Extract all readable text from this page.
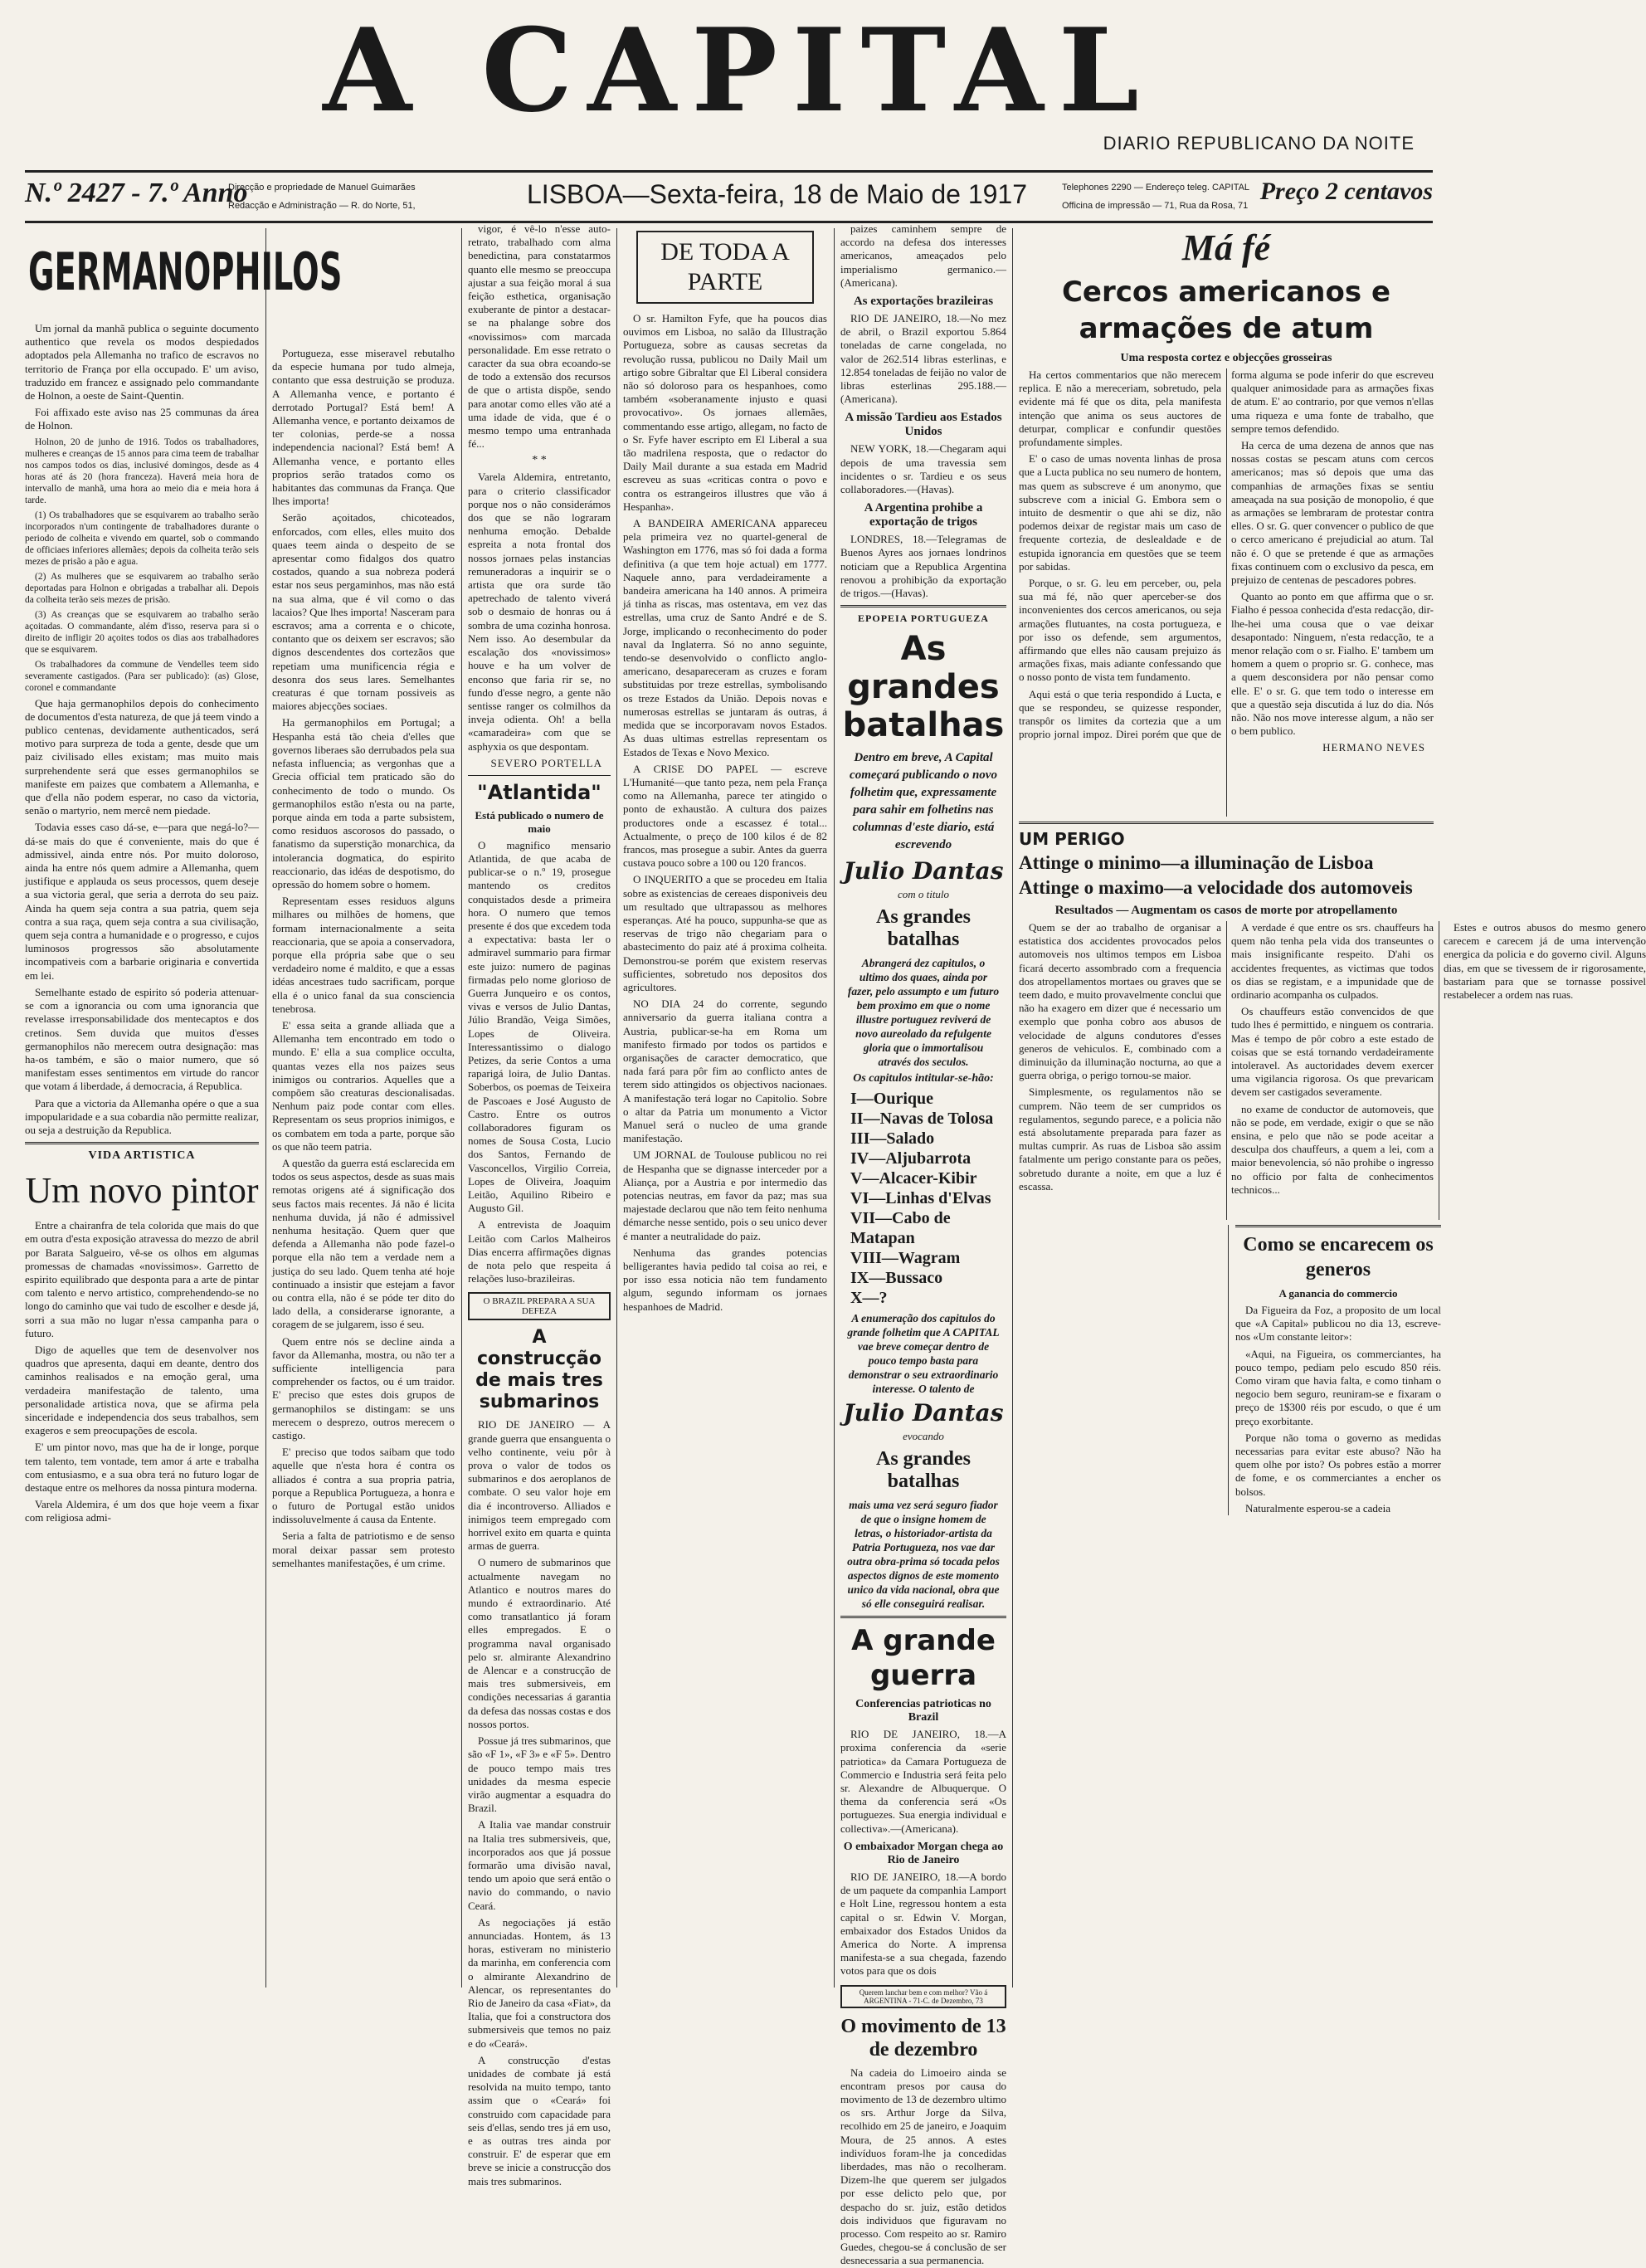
A CAPITAL
DIARIO REPUBLICANO DA NOITE
N.º 2427 - 7.º Anno
Direcção e propriedade de Manuel Guimarães
Redacção e Administração — R. do Norte, 51,	LISBOA—Sexta-feira, 18 de Maio de 1917	Telephones 2290 — Endereço teleg. CAPITAL
Officina de impressão — 71, Rua da Rosa, 71
Preço 2 centavos
GERMANOPHILOS

Um jornal da manhã publica o seguinte documento authentico que revela os modos despiedados adoptados pela Allemanha no trafico de escravos no territorio de França por ella occupado. E' um aviso, traduzido em francez e assignado pelo commandante de Holnon, a oeste de Saint-Quentin.

Foi affixado este aviso nas 25 communas da área de Holnon.

Holnon, 20 de junho de 1916. Todos os trabalhadores, mulheres e creanças de 15 annos para cima teem de trabalhar nos campos todos os dias, inclusivé domingos, desde as 4 horas até ás 20 (hora franceza). Haverá meia hora de intervallo de manhã, uma hora ao meio dia e meia hora á tarde.

(1) Os trabalhadores que se esquivarem ao trabalho serão incorporados n'um contingente de trabalhadores durante o periodo de colheita e vivendo em quartel, sob o commando de officiaes inferiores allemães; depois da colheita terão seis mezes de prisão a pão e agua.

(2) As mulheres que se esquivarem ao trabalho serão deportadas para Holnon e obrigadas a trabalhar ali. Depois da colheita terão seis mezes de prisão.

(3) As creanças que se esquivarem ao trabalho serão açoitadas. O commandante, além d'isso, reserva para si o direito de infligir 20 açoites todos os dias aos trabalhadores que se esquivarem.

Os trabalhadores da commune de Vendelles teem sido severamente castigados. (Para ser publicado): (as) Glose, coronel e commandante

Que haja germanophilos depois do conhecimento de documentos d'esta natureza, de que já teem vindo a publico centenas, devidamente authenticados, será motivo para surpreza de toda a gente, desde que um paiz civilisado elles existam; mas muito mais surprehendente será que esses germanophilos se manifeste em paizes que combatem a Allemanha, e que d'ella não podem esperar, no caso da victoria, senão o martyrio, nem mercê nem piedade.

Todavia esses caso dá-se, e—para que negá-lo?—dá-se mais do que é conveniente, mais do que é admissivel, ainda entre nós. Por muito doloroso, ainda ha entre nós quem admire a Allemanha, quem justifique e applauda os seus processos, quem deseje a sua victoria geral, que seria a derrota do seu paiz. Ainda ha quem seja contra a sua patria, quem seja contra a sua raça, quem seja contra a sua civilisação, quem seja contra a humanidade e o progresso, e cujos luminosos progressos são absolutamente incompativeis com a barbarie originaria e convertida em lei.

Semelhante estado de espirito só poderia attenuar-se com a ignorancia ou com uma ignorancia que revelasse irresponsabilidade dos mentecaptos e dos cretinos. Sem duvida que muitos d'esses germanophilos não merecem outra designação: mas ha-os também, e são o maior numero, que só manifestam esses sentimentos em virtude do rancor que votam á liberdade, á democracia, á Republica.

Para que a victoria da Allemanha opére o que a sua impopularidade e a sua cobardia não permitte realizar, ou seja a destruição da Republica.

VIDA ARTISTICA
Um novo pintor

Entre a chairanfra de tela colorida que mais do que em outra d'esta exposição atravessa do mezzo de abril por Barata Salgueiro, vê-se os olhos em algumas promessas de chamadas «novissimos». Garretto de espirito equilibrado que desponta para a arte de pintar com talento e nervo artistico, comprehendendo-se no longo do caminho que vai tudo de escolher e desde já, sorri a sua mão no lugar n'essa campanha para o futuro.

Digo de aquelles que tem de desenvolver nos quadros que apresenta, daqui em deante, dentro dos caminhos realisados e na emoção geral, uma verdadeira manifestação de talento, uma personalidade artistica nova, que se afirma pela sinceridade e independencia dos seus trabalhos, sem exageros e sem preocupações de escola.

E' um pintor novo, mas que ha de ir longe, porque tem talento, tem vontade, tem amor á arte e trabalha com entusiasmo, e a sua obra terá no futuro logar de destaque entre os melhores da nossa pintura moderna.

Varela Aldemira, é um dos que hoje veem a fixar com religiosa admi-

Portugueza, esse miseravel rebutalho da especie humana por tudo almeja, contanto que essa destruição se produza. A Allemanha vence, e portanto é derrotado Portugal? Está bem! A Allemanha vence, e portanto deixamos de ter colonias, perde-se a nossa independencia nacional? Está bem! A Allemanha vence, e portanto elles proprios serão tratados como os habitantes das communas da França. Que lhes importa!

Serão açoitados, chicoteados, enforcados, com elles, elles muito dos quaes teem ainda o despeito de se apresentar como fidalgos dos quatro costados, quando a sua nobreza poderá estar nos seus pergaminhos, mas não está na sua alma, que é vil como o das lacaios? Que lhes importa! Nasceram para escravos; ama a correnta e o chicote, contanto que os deixem ser escravos; são dignos descendentes dos cortezãos que repetiam uma munificencia régia e desonra dos seus lares. Semelhantes creaturas é que tornam possiveis as maiores abjecções sociaes.

Ha germanophilos em Portugal; a Hespanha está tão cheia d'elles que governos liberaes são derrubados pela sua nefasta influencia; as vergonhas que a Grecia official tem praticado são do conhecimento de todo o mundo. Os germanophilos estão n'esta ou na parte, porque ainda em toda a parte subsistem, como residuos ascorosos do passado, o fanatismo da superstição monarchica, da intolerancia dogmatica, do espirito reaccionario, das idéas de despotismo, do opressão do homem sobre o homem.

Representam esses residuos alguns milhares ou milhões de homens, que formam internacionalmente a seita reaccionaria, que se apoia a conservadora, porque ella própria sabe que o seu verdadeiro nome é maldito, e que a essas idéas ancestraes tudo sacrificam, porque ella é o unico fanal da sua consciencia tenebrosa.

E' essa seita a grande alliada que a Allemanha tem encontrado em todo o mundo. E' ella a sua complice occulta, quantas vezes ella nos paizes seus inimigos ou contrarios. Aquelles que a compõem são creaturas descionalisadas. Nenhum paiz pode contar com elles. Representam os seus proprios inimigos, e os combatem em toda a parte, porque são os que não teem patria.

A questão da guerra está esclarecida em todos os seus aspectos, desde as suas mais remotas origens até á significação dos seus factos mais recentes. Já não é licita nenhuma duvida, já não é admissivel nenhuma hesitação. Quem quer que defenda a Allemanha não pode fazel-o porque ella não tem a verdade nem a justiça do seu lado. Quem tenha até hoje continuado a insistir que estejam a favor ou contra ella, não é se póde ter dito do lado della, a considerarse ignorante, a coragem de se julgarem, isso é seu.

Quem entre nós se decline ainda a favor da Allemanha, mostra, ou não ter a sufficiente intelligencia para comprehender os factos, ou é um traidor. E' preciso que estes dois grupos de germanophilos se distingam: se uns merecem o desprezo, outros merecem o castigo.

E' preciso que todos saibam que todo aquelle que n'esta hora é contra os alliados é contra a sua propria patria, porque a Republica Portugueza, a honra e o futuro de Portugal estão unidos indissoluvelmente á causa da Entente.

Seria a falta de patriotismo e de senso moral deixar passar sem protesto semelhantes manifestações, é um crime.

vigor, é vê-lo n'esse auto-retrato, trabalhado com alma benedictina, para constatarmos quanto elle mesmo se preoccupa ajustar a sua feição moral á sua feição esthetica, organisação exuberante de pintor a destacar-se na phalange sobre dos «novissimos» com marcada personalidade. Em esse retrato o caracter da sua obra ecoando-se de todo a extensão dos recursos de que o artista dispõe, sendo para anotar como elles vão até a uma idade de vida, que é o mesmo tempo uma entranhada fé...

* *

Varela Aldemira, entretanto, para o criterio classificador porque nos o não considerámos dos que se não lograram nenhuma emoção. Debalde espreita a nota frontal dos nossos jornaes pelas instancias remuneradoras a inquirir se o artista que ora surde tão apetrechado de talento viverá sob o desmaio de honras ou á sombra de uma cozinha honrosa. Nem isso. Ao desembular da escalação dos «novissimos» houve e ha um volver de enconso que faria rir se, no fundo d'esse negro, a gente não sentisse ranger os colmilhos da inveja odienta. Oh! a bella «camaradeira» com que se asphyxia os que despontam.

SEVERO PORTELLA
"Atlantida"
Está publicado o numero de maio

O magnifico mensario Atlantida, de que acaba de publicar-se o n.º 19, prosegue mantendo os creditos conquistados desde a primeira hora. O numero que temos presente é dos que excedem toda a expectativa: basta ler o admiravel summario para firmar este juizo: numero de paginas firmadas pelo nome glorioso de Guerra Junqueiro e os contos, vivas e versos de Julio Dantas, Júlio Brandão, Veiga Simões, Lopes de Oliveira. Interessantissimo o dialogo Petizes, da serie Contos a uma raparigá loira, de Julio Dantas. Soberbos, os poemas de Teixeira de Pascoaes e José Augusto de Castro. Entre os outros collaboradores figuram os nomes de Sousa Costa, Lucio dos Santos, Fernando de Vasconcellos, Virgilio Correia, Lopes de Oliveira, Joaquim Leitão, Aquilino Ribeiro e Augusto Gil.

A entrevista de Joaquim Leitão com Carlos Malheiros Dias encerra affirmações dignas de nota pelo que respeita á relações luso-brazileiras.

O BRAZIL PREPARA A SUA DEFEZA
A construcção de mais tres submarinos

RIO DE JANEIRO — A grande guerra que ensanguenta o velho continente, veiu pôr à prova o valor de todos os submarinos e dos aeroplanos de combate. O seu valor hoje em dia é incontroverso. Alliados e inimigos teem empregado com horrivel exito em quarta e quinta armas de guerra.

O numero de submarinos que actualmente navegam no Atlantico e noutros mares do mundo é extraordinario. Até como transatlantico já foram elles empregados. E o programma naval organisado pelo sr. almirante Alexandrino de Alencar e a construcção de mais tres submersiveis, em condições necessarias á garantia da defesa das nossas costas e dos nossos portos.

Possue já tres submarinos, que são «F 1», «F 3» e «F 5». Dentro de pouco tempo mais tres unidades da mesma especie virão augmentar a esquadra do Brazil.

A Italia vae mandar construir na Italia tres submersiveis, que, incorporados aos que já possue formarão uma divisão naval, tendo um apoio que será então o navio do commando, o navio Ceará.

As negociações já estão annunciadas. Hontem, ás 13 horas, estiveram no ministerio da marinha, em conferencia com o almirante Alexandrino de Alencar, os representantes do Rio de Janeiro da casa «Fiat», da Italia, que foi a constructora dos submersiveis que temos no paiz e do «Ceará».

A construcção d'estas unidades de combate já está resolvida na muito tempo, tanto assim que o «Ceará» foi construido com capacidade para seis d'ellas, sendo tres já em uso, e as outras tres ainda por construir. E' de esperar que em breve se inicie a construcção dos mais tres submarinos.

DE TODA A PARTE

O sr. Hamilton Fyfe, que ha poucos dias ouvimos em Lisboa, no salão da Illustração Portugueza, sobre as causas secretas da revolução russa, publicou no Daily Mail um artigo sobre Gibraltar que El Liberal considera não só doloroso para os hespanhoes, como também «soberanamente injusto e quasi provocativo». Os jornaes allemães, commentando esse artigo, allegam, no facto de o Sr. Fyfe haver escripto em El Liberal a sua tão madrilena resposta, que o redactor do Daily Mail durante a sua estada em Madrid escreveu as suas «criticas contra o povo e contra os estrangeiros illustres que vão á Hespanha».

A BANDEIRA AMERICANA appareceu pela primeira vez no quartel-general de Washington em 1776, mas só foi dada a forma definitiva (a que tem hoje actual) em 1777. Naquele anno, para verdadeiramente a bandeira americana ha 140 annos. A primeira já tinha as riscas, mas ostentava, em vez das estrellas, uma cruz de Santo André e de S. Jorge, implicando o reconhecimento do poder naval da Inglaterra. Só no anno seguinte, tendo-se desenvolvido o conflicto anglo-americano, desapareceram as cruzes e foram substituidas por treze estrellas, symbolisando os treze Estados da União. Depois novas e numerosas estrellas se juntaram ás outras, á medida que se incorporavam novos Estados. As duas ultimas estrellas representam os Estados de Texas e Novo Mexico.

A CRISE DO PAPEL — escreve L'Humanité—que tanto peza, nem pela França como na Allemanha, parece ter atingido o ponto de exhaustão. A cultura dos paizes productores onde a escassez é total... Actualmente, o preço de 100 kilos é de 82 francos, mas prosegue a subir. Antes da guerra custava pouco sobre a 100 ou 120 francos.

O INQUERITO a que se procedeu em Italia sobre as existencias de cereaes disponiveis deu um resultado que ultrapassou as melhores esperanças. Até ha pouco, suppunha-se que as reservas de trigo não chegariam para o abastecimento do paiz até á proxima colheita. Demonstrou-se porém que existem reservas sufficientes, sobretudo nos depositos dos agricultores.

NO DIA 24 do corrente, segundo anniversario da guerra italiana contra a Austria, publicar-se-ha em Roma um manifesto firmado por todos os partidos e organisações de caracter democratico, que nada fará para pôr fim ao conflicto antes de terem sido attingidos os objectivos nacionaes. A manifestação terá logar no Capitolio. Sobre o altar da Patria um monumento a Victor Manuel será o nucleo de uma grande manifestação.

UM JORNAL de Toulouse publicou no rei de Hespanha que se dignasse interceder por a Aliança, por a Austria e por intermedio das potencias neutras, em favor da paz; mas sua majestade declarou que não tem feito nenhuma démarche nesse sentido, pois o seu unico dever é manter a neutralidade do paiz.

Nenhuma das grandes potencias belligerantes havia pedido tal coisa ao rei, e por isso essa noticia não tem fundamento algum, segundo informam os jornaes hespanhoes de Madrid.

paizes caminhem sempre de accordo na defesa dos interesses americanos, ameaçados pelo imperialismo germanico.—(Americana).

As exportações brazileiras

RIO DE JANEIRO, 18.—No mez de abril, o Brazil exportou 5.864 toneladas de carne congelada, no valor de 262.514 libras esterlinas, e 12.854 toneladas de feijão no valor de libras esterlinas 295.188.—(Americana).

A missão Tardieu aos Estados Unidos

NEW YORK, 18.—Chegaram aqui depois de uma travessia sem incidentes o sr. Tardieu e os seus collaboradores.—(Havas).

A Argentina prohibe a exportação de trigos

LONDRES, 18.—Telegramas de Buenos Ayres aos jornaes londrinos noticiam que a Republica Argentina renovou a prohibição da exportação de trigos.—(Havas).

EPOPEIA PORTUGUEZA
As grandes batalhas
Dentro em breve, A Capital começará publicando o novo folhetim que, expressamente para sahir em folhetins nas columnas d'este diario, está escrevendo
Julio Dantas
com o titulo
As grandes batalhas
Abrangerá dez capitulos, o ultimo dos quaes, ainda por fazer, pelo assumpto e um futuro bem proximo em que o nome illustre portuguez reviverá de novo aureolado da refulgente gloria que o immortalisou através dos seculos.
Os capitulos intitular-se-hão:
I—Ourique
II—Navas de Tolosa
III—Salado
IV—Aljubarrota
V—Alcacer-Kibir
VI—Linhas d'Elvas
VII—Cabo de Matapan
VIII—Wagram
IX—Bussaco
X—?
A enumeração dos capitulos do grande folhetim que A CAPITAL vae breve começar dentro de pouco tempo basta para demonstrar o seu extraordinario interesse. O talento de
Julio Dantas
evocando
As grandes batalhas
mais uma vez será seguro fiador de que o insigne homem de letras, o historiador-artista da Patria Portugueza, nos vae dar outra obra-prima só tocada pelos aspectos dignos de este momento unico da vida nacional, obra que só elle conseguirá realisar.
A grande guerra
Conferencias patrioticas no Brazil

RIO DE JANEIRO, 18.—A proxima conferencia da «serie patriotica» da Camara Portugueza de Commercio e Industria será feita pelo sr. Alexandre de Albuquerque. O thema da conferencia será «Os portuguezes. Sua energia individual e collectiva».—(Americana).

O embaixador Morgan chega ao Rio de Janeiro

RIO DE JANEIRO, 18.—A bordo de um paquete da companhia Lamport e Holt Line, regressou hontem a esta capital o sr. Edwin V. Morgan, embaixador dos Estados Unidos da America do Norte. A imprensa manifesta-se a sua chegada, fazendo votos para que os dois

Querem lanchar bem e com melhor? Vão á ARGENTINA - 71-C. de Dezembro, 73
O movimento de 13 de dezembro

Na cadeia do Limoeiro ainda se encontram presos por causa do movimento de 13 de dezembro ultimo os srs. Arthur Jorge da Silva, recolhido em 25 de janeiro, e Joaquim Moura, de 25 annos. A estes indivíduos foram-lhe ja concedidas liberdades, mas não o recolheram. Dizem-lhe que querem ser julgados por esse delicto pelo que, por despacho do sr. juiz, estão detidos dois individuos que figuravam no processo. Com respeito ao sr. Ramiro Guedes, chegou-se á conclusão de ser desnecessaria a sua permanencia.

Má fé
Cercos americanos e armações de atum
Uma resposta cortez e objecções grosseiras

Ha certos commentarios que não merecem replica. E não a mereceriam, sobretudo, pela evidente má fé que os dita, pela manifesta intenção que anima os seus auctores de deturpar, complicar e confundir questões profundamente simples.

E' o caso de umas noventa linhas de prosa que a Lucta publica no seu numero de hontem, mas quem as subscreve é um anonymo, que subscreve com a inicial G. Embora sem o intuito de desmentir o que ahi se diz, não podemos deixar de registar mais um caso de frequente cortezia, de deslealdade e de estupida ignorancia em questões que se teem por sabidas.

Porque, o sr. G. leu em perceber, ou, pela sua má fé, não quer aperceber-se dos inconvenientes dos cercos americanos, ou seja armações flutuantes, na costa portugueza, e por isso os defende, sem argumentos, affirmando que elles não causam prejuizo ás armações fixas, mais adiante confessando que o nosso ponto de vista tem fundamento.

Aqui está o que teria respondido á Lucta, e que se respondeu, se quizesse responder, transpôr os limites da cortezia que a um proprio jornal impoz. Direi porém que que de forma alguma se pode inferir do que escreveu qualquer animosidade para as armações fixas de atum. E' ao contrario, por que vemos n'ellas uma riqueza e uma fonte de trabalho, que sempre temos defendido.

Ha cerca de uma dezena de annos que nas nossas costas se pescam atuns com cercos americanos; mas só depois que uma das companhias de armações fixas se sentiu ameaçada na sua posição de monopolio, é que as armações se lembraram de protestar contra elles. O sr. G. quer convencer o publico de que o cerco americano é prejudicial ao atum. Tal não é. O que se pretende é que as armações fixas continuem com o exclusivo da pesca, em prejuizo de centenas de pescadores pobres.

Quanto ao ponto em que affirma que o sr. Fialho é pessoa conhecida d'esta redacção, dir-lhe-hei uma cousa que o vae deixar desapontado: Ninguem, n'esta redacção, te a menor relação com o sr. Fialho. E' tambem um homem a quem o proprio sr. G. conhece, mas a quem desconsidera por não pensar como elle. E' o sr. G. que tem todo o interesse em que a questão seja discutida á luz do dia. Nós não. Não nos move interesse algum, a não ser o bem publico.

HERMANO NEVES
UM PERIGO
Attinge o minimo—a illuminação de Lisboa
Attinge o maximo—a velocidade dos automoveis
Resultados — Augmentam os casos de morte por atropellamento

Quem se der ao trabalho de organisar a estatistica dos accidentes provocados pelos automoveis nos ultimos tempos em Lisboa ficará decerto assombrado com a frequencia dos atropellamentos mortaes ou graves que se teem dado, e muito provavelmente conclui que não ha exagero em dizer que é necessario um exemplo que ponha cobro aos abusos de velocidade de alguns condutores d'esses generos de vehiculos. E, combinado com a diminuição da illuminação nocturna, ao que a guerra obriga, o perigo tornou-se maior.

Simplesmente, os regulamentos não se cumprem. Não teem de ser cumpridos os regulamentos, segundo parece, e a policia não está absolutamente preparada para fazer as multas cumprir. As ruas de Lisboa são assim fatalmente um perigo constante para os peões, sobretudo durante a noite, em que a luz é escassa.

A verdade é que entre os srs. chauffeurs ha quem não tenha pela vida dos transeuntes o mais insignificante respeito. D'ahi os accidentes frequentes, as victimas que todos os dias se registam, e a impunidade que de ordinario acompanha os culpados.

Os chauffeurs estão convencidos de que tudo lhes é permittido, e ninguem os contraria. Mas é tempo de pôr cobro a este estado de coisas que se está tornando verdadeiramente intoleravel. As auctoridades devem exercer uma vigilancia rigorosa. Os que prevaricam devem ser castigados severamente.

no exame de conductor de automoveis, que não se pode, em verdade, exigir o que se não ensina, e pelo que não se pode aceitar a desculpa dos chauffeurs, a quem a lei, com a maior benevolencia, só não prohibe o ingresso no officio por falta de conhecimentos technicos...

Estes e outros abusos do mesmo genero carecem e carecem já de uma intervenção energica da policia e do governo civil. Alguns dias, em que se tivessem de ir rigorosamente, bastariam para que se tornasse possivel restabelecer a ordem nas ruas.

Como se encarecem os generos
A ganancia do commercio

Da Figueira da Foz, a proposito de um local que «A Capital» publicou no dia 13, escreve-nos «Um constante leitor»:

«Aqui, na Figueira, os commerciantes, ha pouco tempo, pediam pelo escudo 850 réis. Como viram que havia falta, e como tinham o negocio bem seguro, reuniram-se e fixaram o preço de 1$300 réis por escudo, o que é um preço exorbitante.

Porque não toma o governo as medidas necessarias para evitar este abuso? Não ha quem olhe por isto? Os pobres estão a morrer de fome, e os commerciantes a encher os bolsos.

Naturalmente esperou-se a cadeia
